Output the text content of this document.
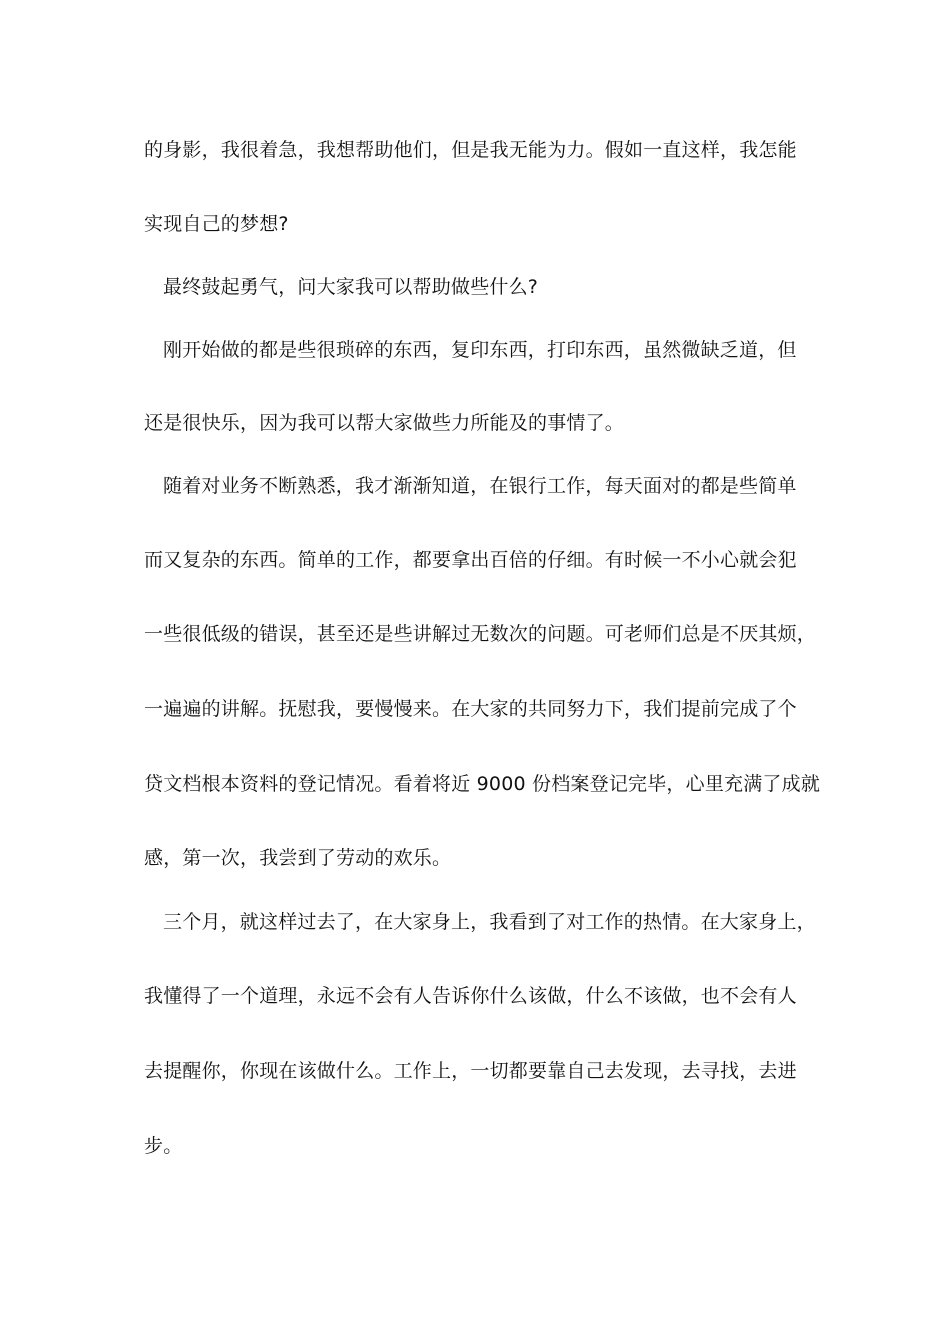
的身影，我很着急，我想帮助他们，但是我无能为力。假如一直这样，我怎能
实现自己的梦想?
最终鼓起勇气，问大家我可以帮助做些什么?
刚开始做的都是些很琐碎的东西，复印东西，打印东西，虽然微缺乏道，但
还是很快乐，因为我可以帮大家做些力所能及的事情了。
随着对业务不断熟悉，我才渐渐知道，在银行工作，每天面对的都是些简单
而又复杂的东西。简单的工作，都要拿出百倍的仔细。有时候一不小心就会犯
一些很低级的错误，甚至还是些讲解过无数次的问题。可老师们总是不厌其烦，
一遍遍的讲解。抚慰我，要慢慢来。在大家的共同努力下，我们提前完成了个
贷文档根本资料的登记情况。看着将近 9000 份档案登记完毕，心里充满了成就
感，第一次，我尝到了劳动的欢乐。
三个月，就这样过去了，在大家身上，我看到了对工作的热情。在大家身上，
我懂得了一个道理，永远不会有人告诉你什么该做，什么不该做，也不会有人
去提醒你，你现在该做什么。工作上，一切都要靠自己去发现，去寻找，去进
步。
